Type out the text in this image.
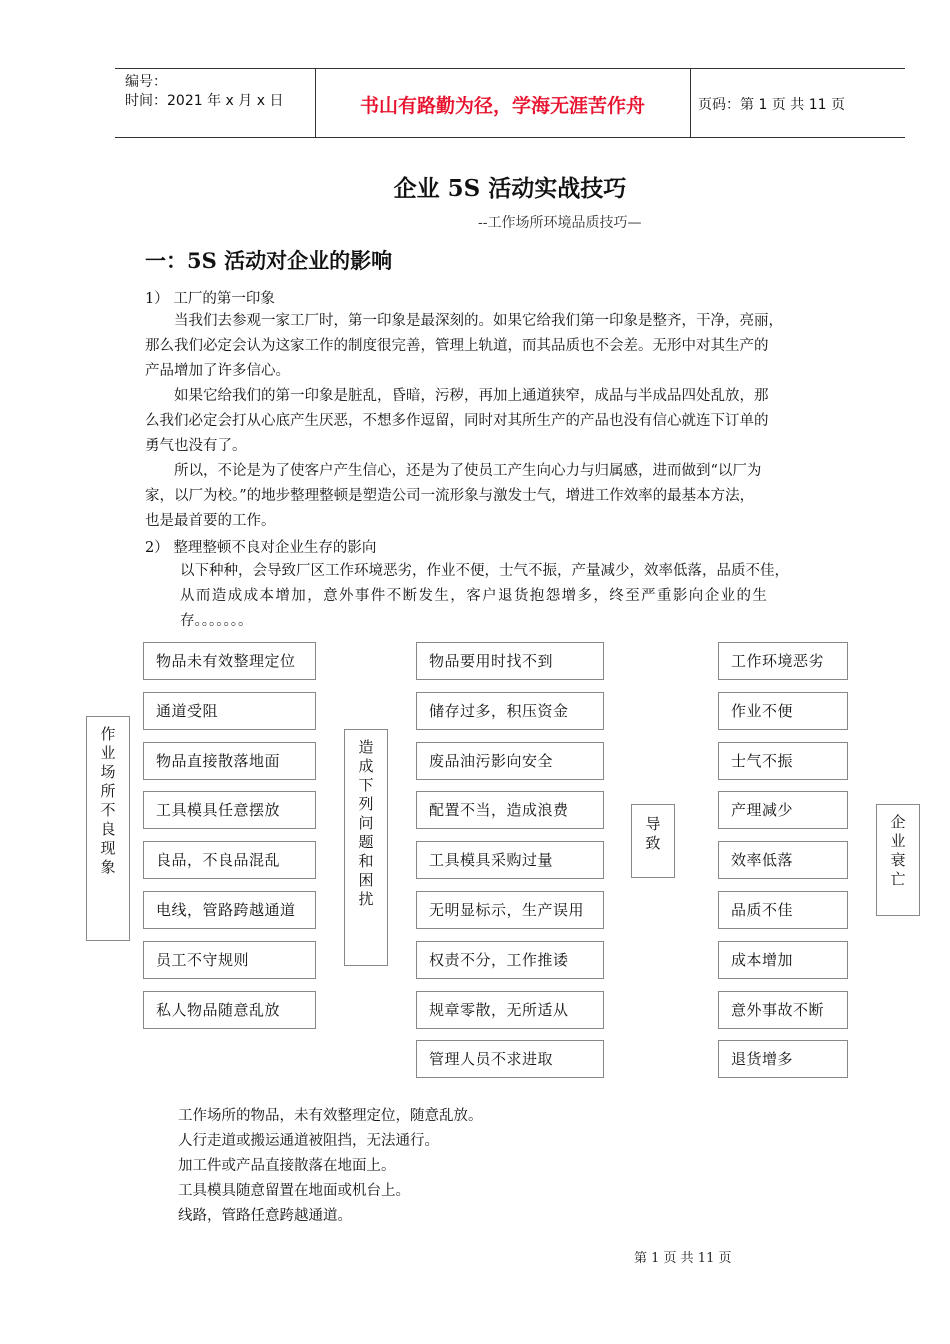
编号：
时间：2021 年 x 月 x 日	书山有路勤为径，学海无涯苦作舟	页码：第 1 页 共 11 页
企业 5S 活动实战技巧
--工作场所环境品质技巧—
一：5S 活动对企业的影响
1） 工厂的第一印象
当我们去参观一家工厂时，第一印象是最深刻的。如果它给我们第一印象是整齐，干净，亮丽，
那么我们必定会认为这家工作的制度很完善，管理上轨道，而其品质也不会差。无形中对其生产的
产品增加了许多信心。
如果它给我们的第一印象是脏乱，昏暗，污秽，再加上通道狭窄，成品与半成品四处乱放，那
么我们必定会打从心底产生厌恶，不想多作逗留，同时对其所生产的产品也没有信心就连下订单的
勇气也没有了。
所以，不论是为了使客户产生信心，还是为了使员工产生向心力与归属感，进而做到“以厂为
家，以厂为校。”的地步整理整顿是塑造公司一流形象与激发士气，增进工作效率的最基本方法，
也是最首要的工作。
2） 整理整顿不良对企业生存的影向
以下种种，会导致厂区工作环境恶劣，作业不便，士气不振，产量减少，效率低落，品质不佳，
从而造成成本增加，意外事件不断发生，客户退货抱怨增多，终至严重影向企业的生
存。。。。。。。
作
业
场
所
不
良
现
象
造
成
下
列
问
题
和
困
扰
导
致
企
业
衰
亡
物品未有效整理定位
通道受阻
物品直接散落地面
工具模具任意摆放
良品，不良品混乱
电线，管路跨越通道
员工不守规则
私人物品随意乱放
物品要用时找不到
储存过多，积压资金
废品油污影向安全
配置不当，造成浪费
工具模具采购过量
无明显标示，生产误用
权责不分，工作推诿
规章零散，无所适从
管理人员不求进取
工作环境恶劣
作业不便
士气不振
产理减少
效率低落
品质不佳
成本增加
意外事故不断
退货增多
工作场所的物品，未有效整理定位，随意乱放。
人行走道或搬运通道被阻挡，无法通行。
加工件或产品直接散落在地面上。
工具模具随意留置在地面或机台上。
线路，管路任意跨越通道。
第 1 页 共 11 页
